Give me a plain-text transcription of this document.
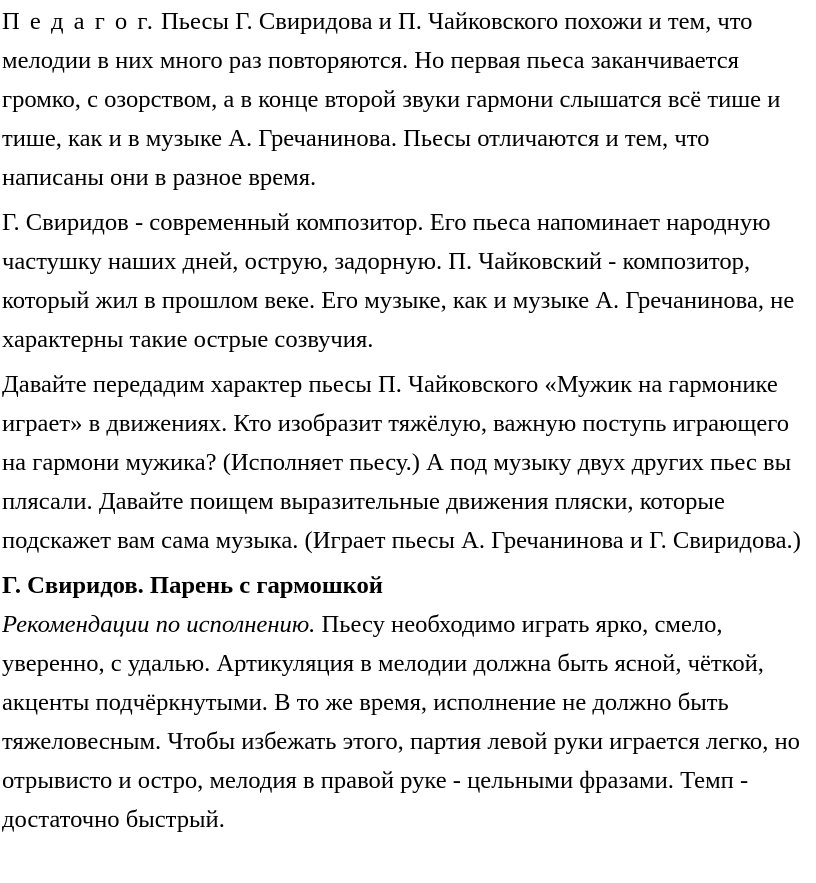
П е д а г о г. Пьесы Г. Свиридова и П. Чайковского похожи и тем, что мелодии в них много раз повторяются. Но первая пьеса заканчивается громко, с озорством, а в конце второй звуки гармони слышатся всё тише и тише, как и в музыке А. Гречанинова. Пьесы отличаются и тем, что написаны они в разное время.

Г. Свиридов - современный композитор. Его пьеса напоминает народную частушку наших дней, острую, задорную. П. Чайковский - композитор, который жил в прошлом веке. Его музыке, как и музыке А. Гречанинова, не характерны такие острые созвучия.

Давайте передадим характер пьесы П. Чайковского «Мужик на гармонике играет» в движениях. Кто изобразит тяжёлую, важную поступь играющего на гармони мужика? (Исполняет пьесу.) А под музыку двух других пьес вы плясали. Давайте поищем выразительные движения пляски, которые подскажет вам сама музыка. (Играет пьесы А. Гречанинова и Г. Свиридова.)

Г. Свиридов. Парень с гармошкой

Рекомендации по исполнению. Пьесу необходимо играть ярко, смело, уверенно, с удалью. Артикуляция в мелодии должна быть ясной, чёткой, акценты подчёркнутыми. В то же время, исполнение не должно быть тяжеловесным. Чтобы избежать этого, партия левой руки играется легко, но отрывисто и остро, мелодия в правой руке - цельными фразами. Темп - достаточно быстрый.
